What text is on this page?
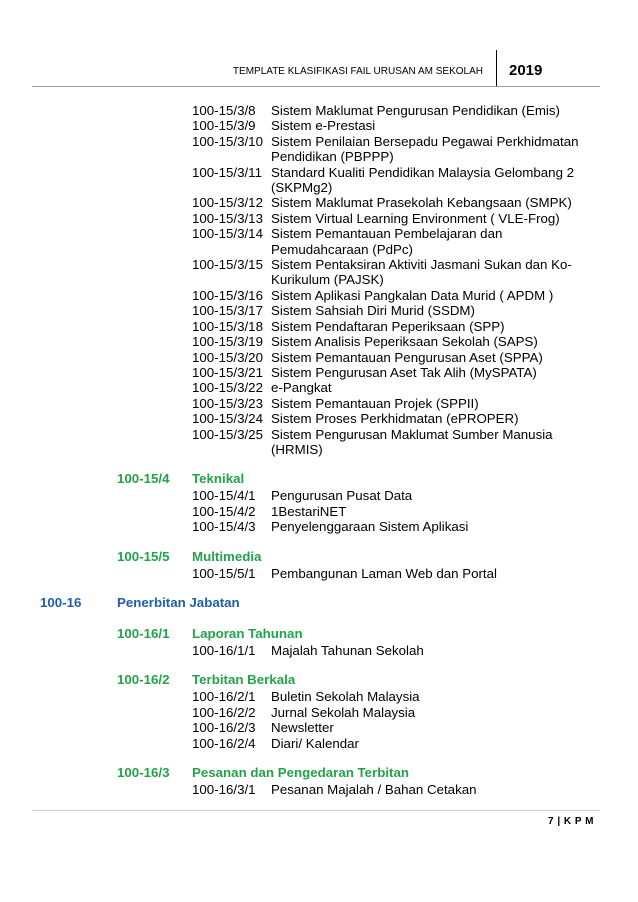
TEMPLATE KLASIFIKASI FAIL URUSAN AM SEKOLAH 2019
100-15/3/8 Sistem Maklumat Pengurusan Pendidikan (Emis)
100-15/3/9 Sistem e-Prestasi
100-15/3/10 Sistem Penilaian Bersepadu Pegawai Perkhidmatan Pendidikan (PBPPP)
100-15/3/11 Standard Kualiti Pendidikan Malaysia Gelombang 2 (SKPMg2)
100-15/3/12 Sistem Maklumat Prasekolah Kebangsaan (SMPK)
100-15/3/13 Sistem Virtual Learning Environment ( VLE-Frog)
100-15/3/14 Sistem Pemantauan Pembelajaran dan Pemudahcaraan (PdPc)
100-15/3/15 Sistem Pentaksiran Aktiviti Jasmani Sukan dan Ko-Kurikulum (PAJSK)
100-15/3/16 Sistem Aplikasi Pangkalan Data Murid ( APDM )
100-15/3/17 Sistem Sahsiah Diri Murid (SSDM)
100-15/3/18 Sistem Pendaftaran Peperiksaan (SPP)
100-15/3/19 Sistem Analisis Peperiksaan Sekolah (SAPS)
100-15/3/20 Sistem Pemantauan Pengurusan Aset (SPPA)
100-15/3/21 Sistem Pengurusan Aset Tak Alih (MySPATA)
100-15/3/22 e-Pangkat
100-15/3/23 Sistem Pemantauan Projek (SPPII)
100-15/3/24 Sistem Proses Perkhidmatan (ePROPER)
100-15/3/25 Sistem Pengurusan Maklumat Sumber Manusia (HRMIS)
100-15/4 Teknikal
100-15/4/1 Pengurusan Pusat Data
100-15/4/2 1BestariNET
100-15/4/3 Penyelenggaraan Sistem Aplikasi
100-15/5 Multimedia
100-15/5/1 Pembangunan Laman Web dan Portal
100-16	Penerbitan Jabatan
100-16/1 Laporan Tahunan
100-16/1/1 Majalah Tahunan Sekolah
100-16/2 Terbitan Berkala
100-16/2/1 Buletin Sekolah Malaysia
100-16/2/2 Jurnal Sekolah Malaysia
100-16/2/3 Newsletter
100-16/2/4 Diari/ Kalendar
100-16/3 Pesanan dan Pengedaran Terbitan
100-16/3/1 Pesanan Majalah / Bahan Cetakan
7 | K P M
